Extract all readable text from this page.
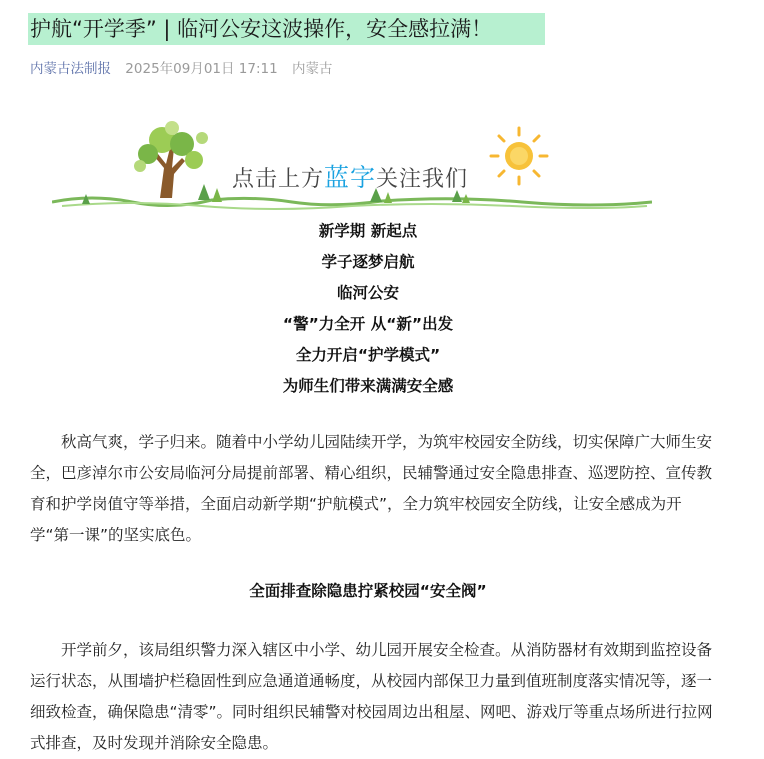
护航“开学季” | 临河公安这波操作，安全感拉满！
内蒙古法制报 2025年09月01日 17:11 内蒙古
点击上方蓝字关注我们
新学期 新起点
学子逐梦启航
临河公安
“警”力全开 从“新”出发
全力开启“护学模式”
为师生们带来满满安全感

秋高气爽，学子归来。随着中小学幼儿园陆续开学，为筑牢校园安全防线，切实保障广大师生安全，巴彦淖尔市公安局临河分局提前部署、精心组织，民辅警通过安全隐患排查、巡逻防控、宣传教育和护学岗值守等举措，全面启动新学期“护航模式”，全力筑牢校园安全防线，让安全感成为开学“第一课”的坚实底色。

全面排查除隐患拧紧校园“安全阀”

开学前夕，该局组织警力深入辖区中小学、幼儿园开展安全检查。从消防器材有效期到监控设备运行状态，从围墙护栏稳固性到应急通道通畅度，从校园内部保卫力量到值班制度落实情况等，逐一细致检查，确保隐患“清零”。同时组织民辅警对校园周边出租屋、网吧、游戏厅等重点场所进行拉网式排查，及时发现并消除安全隐患。
